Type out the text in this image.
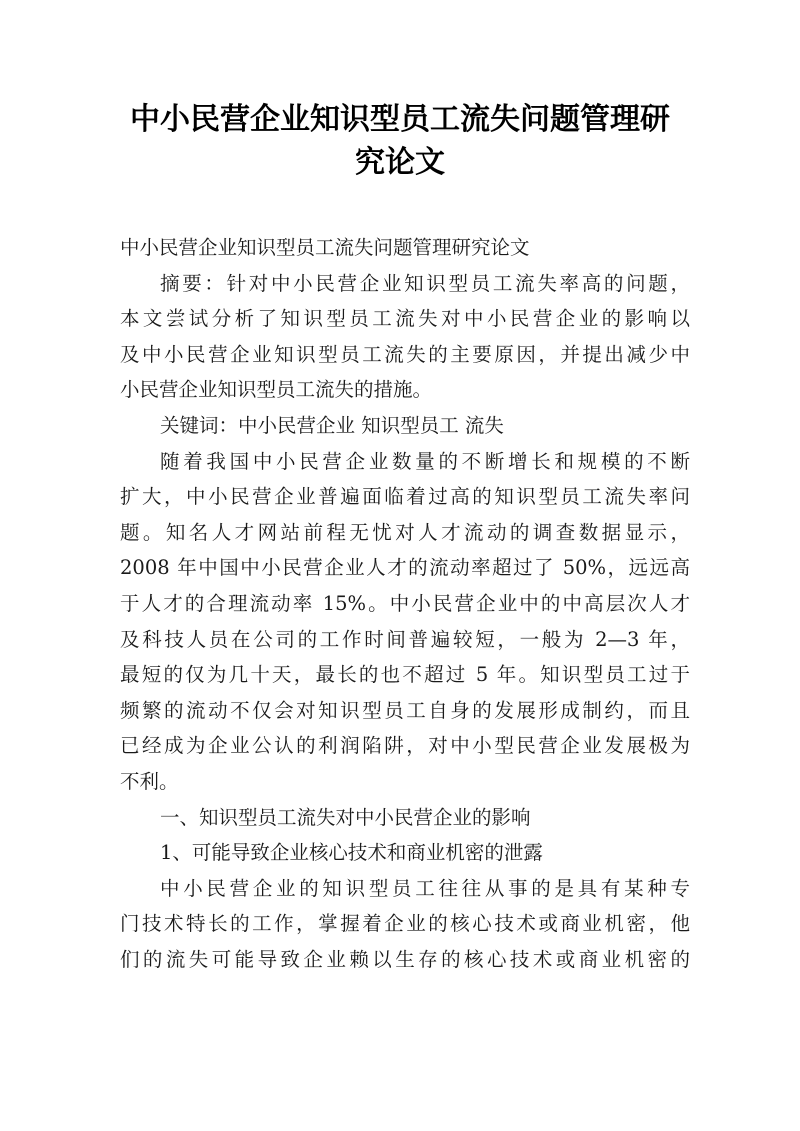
中小民营企业知识型员工流失问题管理研
究论文
中小民营企业知识型员工流失问题管理研究论文
摘要：针对中小民营企业知识型员工流失率高的问题，
本文尝试分析了知识型员工流失对中小民营企业的影响以
及中小民营企业知识型员工流失的主要原因，并提出减少中
小民营企业知识型员工流失的措施。
关键词：中小民营企业 知识型员工 流失
随着我国中小民营企业数量的不断增长和规模的不断
扩大，中小民营企业普遍面临着过高的知识型员工流失率问
题。知名人才网站前程无忧对人才流动的调查数据显示，
2008 年中国中小民营企业人才的流动率超过了 50%，远远高
于人才的合理流动率 15%。中小民营企业中的中高层次人才
及科技人员在公司的工作时间普遍较短，一般为 2—3 年，
最短的仅为几十天，最长的也不超过 5 年。知识型员工过于
频繁的流动不仅会对知识型员工自身的发展形成制约，而且
已经成为企业公认的利润陷阱，对中小型民营企业发展极为
不利。
一、知识型员工流失对中小民营企业的影响
1、可能导致企业核心技术和商业机密的泄露
中小民营企业的知识型员工往往从事的是具有某种专
门技术特长的工作，掌握着企业的核心技术或商业机密，他
们的流失可能导致企业赖以生存的核心技术或商业机密的
